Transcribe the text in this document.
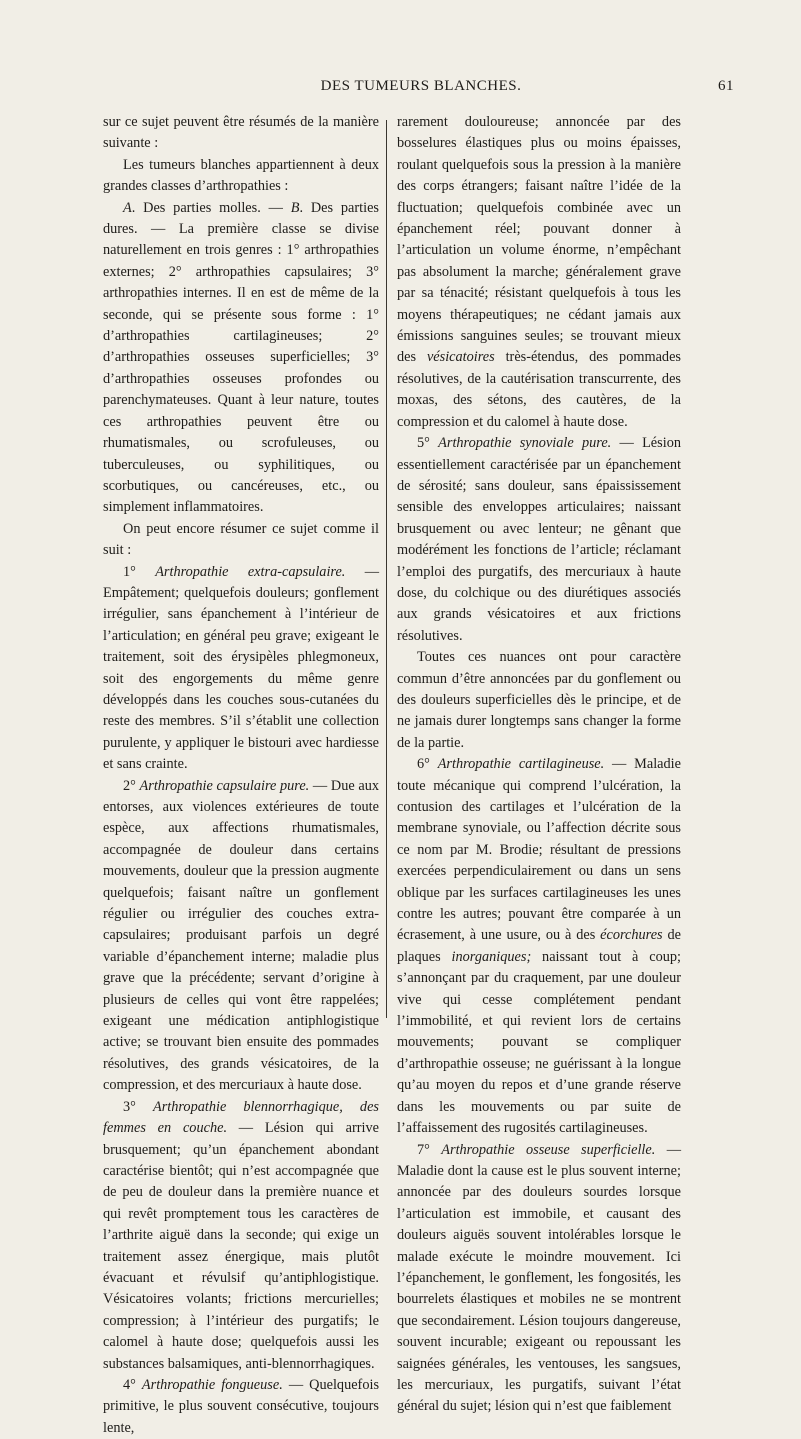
DES TUMEURS BLANCHES.	61

sur ce sujet peuvent être résumés de la manière suivante :

Les tumeurs blanches appartiennent à deux grandes classes d’arthropathies :

A. Des parties molles. — B. Des parties dures. — La première classe se divise naturellement en trois genres : 1° arthropathies externes; 2° arthropathies capsulaires; 3° arthropathies internes. Il en est de même de la seconde, qui se présente sous forme : 1° d’arthropathies cartilagineuses; 2° d’arthropathies osseuses superficielles; 3° d’arthropathies osseuses profondes ou parenchymateuses. Quant à leur nature, toutes ces arthropathies peuvent être ou rhumatismales, ou scrofuleuses, ou tuberculeuses, ou syphilitiques, ou scorbutiques, ou cancéreuses, etc., ou simplement inflammatoires.

On peut encore résumer ce sujet comme il suit :

1° Arthropathie extra-capsulaire. — Empâtement; quelquefois douleurs; gonflement irrégulier, sans épanchement à l’intérieur de l’articulation; en général peu grave; exigeant le traitement, soit des érysipèles phlegmoneux, soit des engorgements du même genre développés dans les couches sous-cutanées du reste des membres. S’il s’établit une collection purulente, y appliquer le bistouri avec hardiesse et sans crainte.

2° Arthropathie capsulaire pure. — Due aux entorses, aux violences extérieures de toute espèce, aux affections rhumatismales, accompagnée de douleur dans certains mouvements, douleur que la pression augmente quelquefois; faisant naître un gonflement régulier ou irrégulier des couches extra-capsulaires; produisant parfois un degré variable d’épanchement interne; maladie plus grave que la précédente; servant d’origine à plusieurs de celles qui vont être rappelées; exigeant une médication antiphlogistique active; se trouvant bien ensuite des pommades résolutives, des grands vésicatoires, de la compression, et des mercuriaux à haute dose.

3° Arthropathie blennorrhagique, des femmes en couche. — Lésion qui arrive brusquement; qu’un épanchement abondant caractérise bientôt; qui n’est accompagnée que de peu de douleur dans la première nuance et qui revêt promptement tous les caractères de l’arthrite aiguë dans la seconde; qui exige un traitement assez énergique, mais plutôt évacuant et révulsif qu’antiphlogistique. Vésicatoires volants; frictions mercurielles; compression; à l’intérieur des purgatifs; le calomel à haute dose; quelquefois aussi les substances balsamiques, anti-blennorrhagiques.

4° Arthropathie fongueuse. — Quelquefois primitive, le plus souvent consécutive, toujours lente,

rarement douloureuse; annoncée par des bosselures élastiques plus ou moins épaisses, roulant quelquefois sous la pression à la manière des corps étrangers; faisant naître l’idée de la fluctuation; quelquefois combinée avec un épanchement réel; pouvant donner à l’articulation un volume énorme, n’empêchant pas absolument la marche; généralement grave par sa ténacité; résistant quelquefois à tous les moyens thérapeutiques; ne cédant jamais aux émissions sanguines seules; se trouvant mieux des vésicatoires très-étendus, des pommades résolutives, de la cautérisation transcurrente, des moxas, des sétons, des cautères, de la compression et du calomel à haute dose.

5° Arthropathie synoviale pure. — Lésion essentiellement caractérisée par un épanchement de sérosité; sans douleur, sans épaississement sensible des enveloppes articulaires; naissant brusquement ou avec lenteur; ne gênant que modérément les fonctions de l’article; réclamant l’emploi des purgatifs, des mercuriaux à haute dose, du colchique ou des diurétiques associés aux grands vésicatoires et aux frictions résolutives.

Toutes ces nuances ont pour caractère commun d’être annoncées par du gonflement ou des douleurs superficielles dès le principe, et de ne jamais durer longtemps sans changer la forme de la partie.

6° Arthropathie cartilagineuse. — Maladie toute mécanique qui comprend l’ulcération, la contusion des cartilages et l’ulcération de la membrane synoviale, ou l’affection décrite sous ce nom par M. Brodie; résultant de pressions exercées perpendiculairement ou dans un sens oblique par les surfaces cartilagineuses les unes contre les autres; pouvant être comparée à un écrasement, à une usure, ou à des écorchures de plaques inorganiques; naissant tout à coup; s’annonçant par du craquement, par une douleur vive qui cesse complétement pendant l’immobilité, et qui revient lors de certains mouvements; pouvant se compliquer d’arthropathie osseuse; ne guérissant à la longue qu’au moyen du repos et d’une grande réserve dans les mouvements ou par suite de l’affaissement des rugosités cartilagineuses.

7° Arthropathie osseuse superficielle. — Maladie dont la cause est le plus souvent interne; annoncée par des douleurs sourdes lorsque l’articulation est immobile, et causant des douleurs aiguës souvent intolérables lorsque le malade exécute le moindre mouvement. Ici l’épanchement, le gonflement, les fongosités, les bourrelets élastiques et mobiles ne se montrent que secondairement. Lésion toujours dangereuse, souvent incurable; exigeant ou repoussant les saignées générales, les ventouses, les sangsues, les mercuriaux, les purgatifs, suivant l’état général du sujet; lésion qui n’est que faiblement
